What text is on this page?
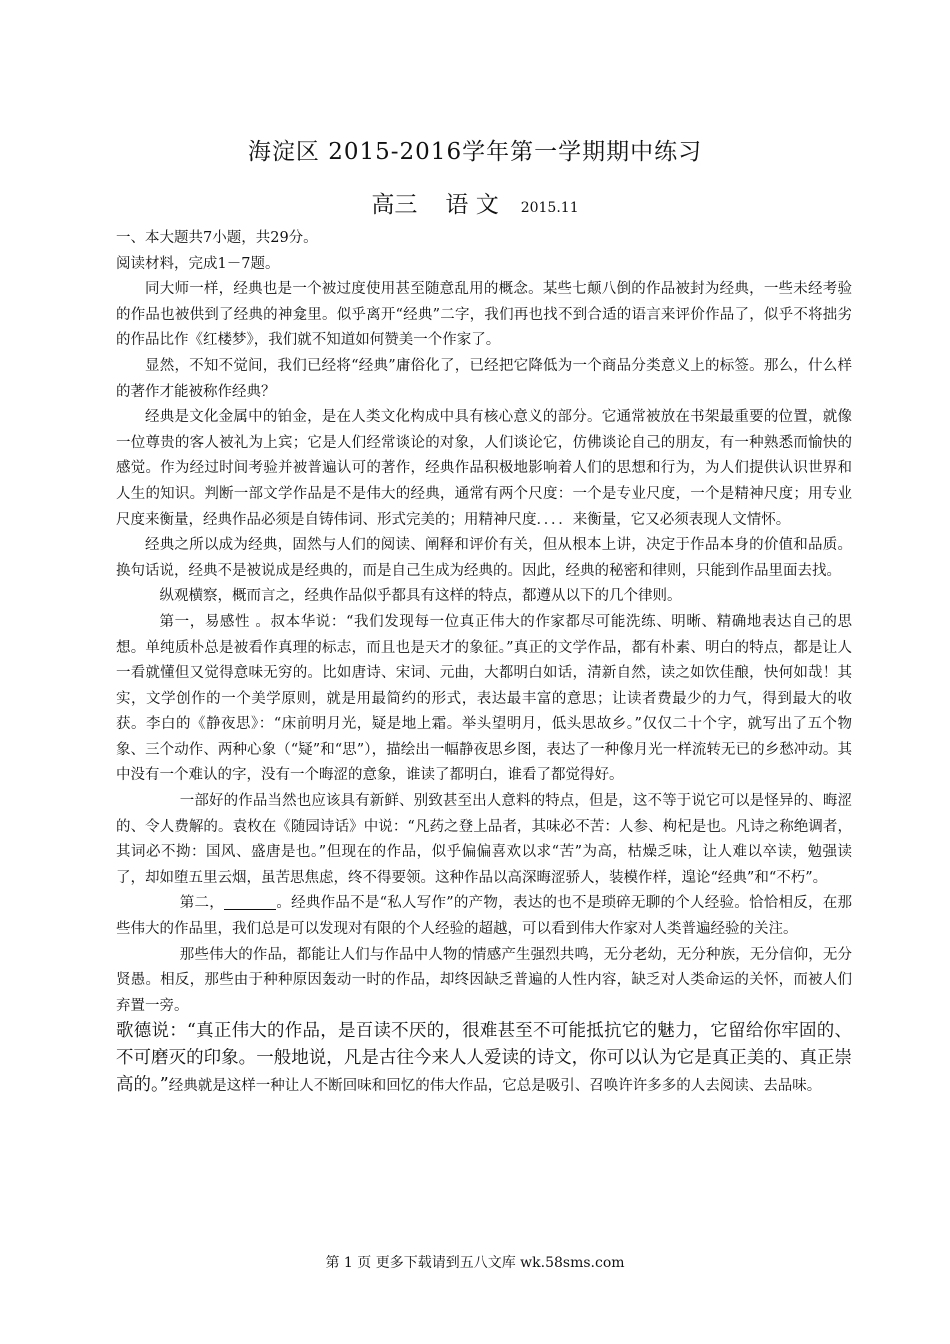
海淀区 2015-2016学年第一学期期中练习
高三 语 文 2015.11

一、本大题共7小题，共29分。

阅读材料，完成1－7题。

同大师一样，经典也是一个被过度使用甚至随意乱用的概念。某些七颠八倒的作品被封为经典，一些未经考验的作品也被供到了经典的神龛里。似乎离开“经典”二字，我们再也找不到合适的语言来评价作品了，似乎不将拙劣的作品比作《红楼梦》，我们就不知道如何赞美一个作家了。

显然，不知不觉间，我们已经将“经典”庸俗化了，已经把它降低为一个商品分类意义上的标签。那么，什么样的著作才能被称作经典？

经典是文化金属中的铂金，是在人类文化构成中具有核心意义的部分。它通常被放在书架最重要的位置，就像一位尊贵的客人被礼为上宾；它是人们经常谈论的对象，人们谈论它，仿佛谈论自己的朋友，有一种熟悉而愉快的感觉。作为经过时间考验并被普遍认可的著作，经典作品积极地影响着人们的思想和行为，为人们提供认识世界和人生的知识。判断一部文学作品是不是伟大的经典，通常有两个尺度：一个是专业尺度，一个是精神尺度；用专业尺度来衡量，经典作品必须是自铸伟词、形式完美的；用精神尺度．．．．来衡量，它又必须表现人文情怀。

经典之所以成为经典，固然与人们的阅读、阐释和评价有关，但从根本上讲，决定于作品本身的价值和品质。换句话说，经典不是被说成是经典的，而是自己生成为经典的。因此，经典的秘密和律则，只能到作品里面去找。

纵观横察，概而言之，经典作品似乎都具有这样的特点，都遵从以下的几个律则。

第一，易感性 。叔本华说：“我们发现每一位真正伟大的作家都尽可能洗练、明晰、精确地表达自己的思想。单纯质朴总是被看作真理的标志，而且也是天才的象征。”真正的文学作品，都有朴素、明白的特点，都是让人一看就懂但又觉得意味无穷的。比如唐诗、宋词、元曲，大都明白如话，清新自然，读之如饮佳酿，快何如哉！其实，文学创作的一个美学原则，就是用最简约的形式，表达最丰富的意思；让读者费最少的力气，得到最大的收获。李白的《静夜思》：“床前明月光，疑是地上霜。举头望明月，低头思故乡。”仅仅二十个字，就写出了五个物象、三个动作、两种心象（“疑”和“思”），描绘出一幅静夜思乡图，表达了一种像月光一样流转无已的乡愁冲动。其中没有一个难认的字，没有一个晦涩的意象，谁读了都明白，谁看了都觉得好。

一部好的作品当然也应该具有新鲜、别致甚至出人意料的特点，但是，这不等于说它可以是怪异的、晦涩的、令人费解的。袁枚在《随园诗话》中说：“凡药之登上品者，其味必不苦：人参、枸杞是也。凡诗之称绝调者，其词必不拗：国风、盛唐是也。”但现在的作品，似乎偏偏喜欢以求“苦”为高，枯燥乏味，让人难以卒读，勉强读了，却如堕五里云烟，虽苦思焦虑，终不得要领。这种作品以高深晦涩骄人，装模作样，遑论“经典”和“不朽”。

第二，	。经典作品不是“私人写作”的产物，表达的也不是琐碎无聊的个人经验。恰恰相反，在那些伟大的作品里，我们总是可以发现对有限的个人经验的超越，可以看到伟大作家对人类普遍经验的关注。

那些伟大的作品，都能让人们与作品中人物的情感产生强烈共鸣，无分老幼，无分种族，无分信仰，无分贤愚。相反，那些由于种种原因轰动一时的作品，却终因缺乏普遍的人性内容，缺乏对人类命运的关怀，而被人们弃置一旁。

歌德说：“真正伟大的作品，是百读不厌的，很难甚至不可能抵抗它的魅力，它留给你牢固的、不可磨灭的印象。一般地说，凡是古往今来人人爱读的诗文，你可以认为它是真正美的、真正崇高的。”经典就是这样一种让人不断回味和回忆的伟大作品，它总是吸引、召唤许许多多的人去阅读、去品味。

第 1 页 更多下载请到五八文库 wk.58sms.com
